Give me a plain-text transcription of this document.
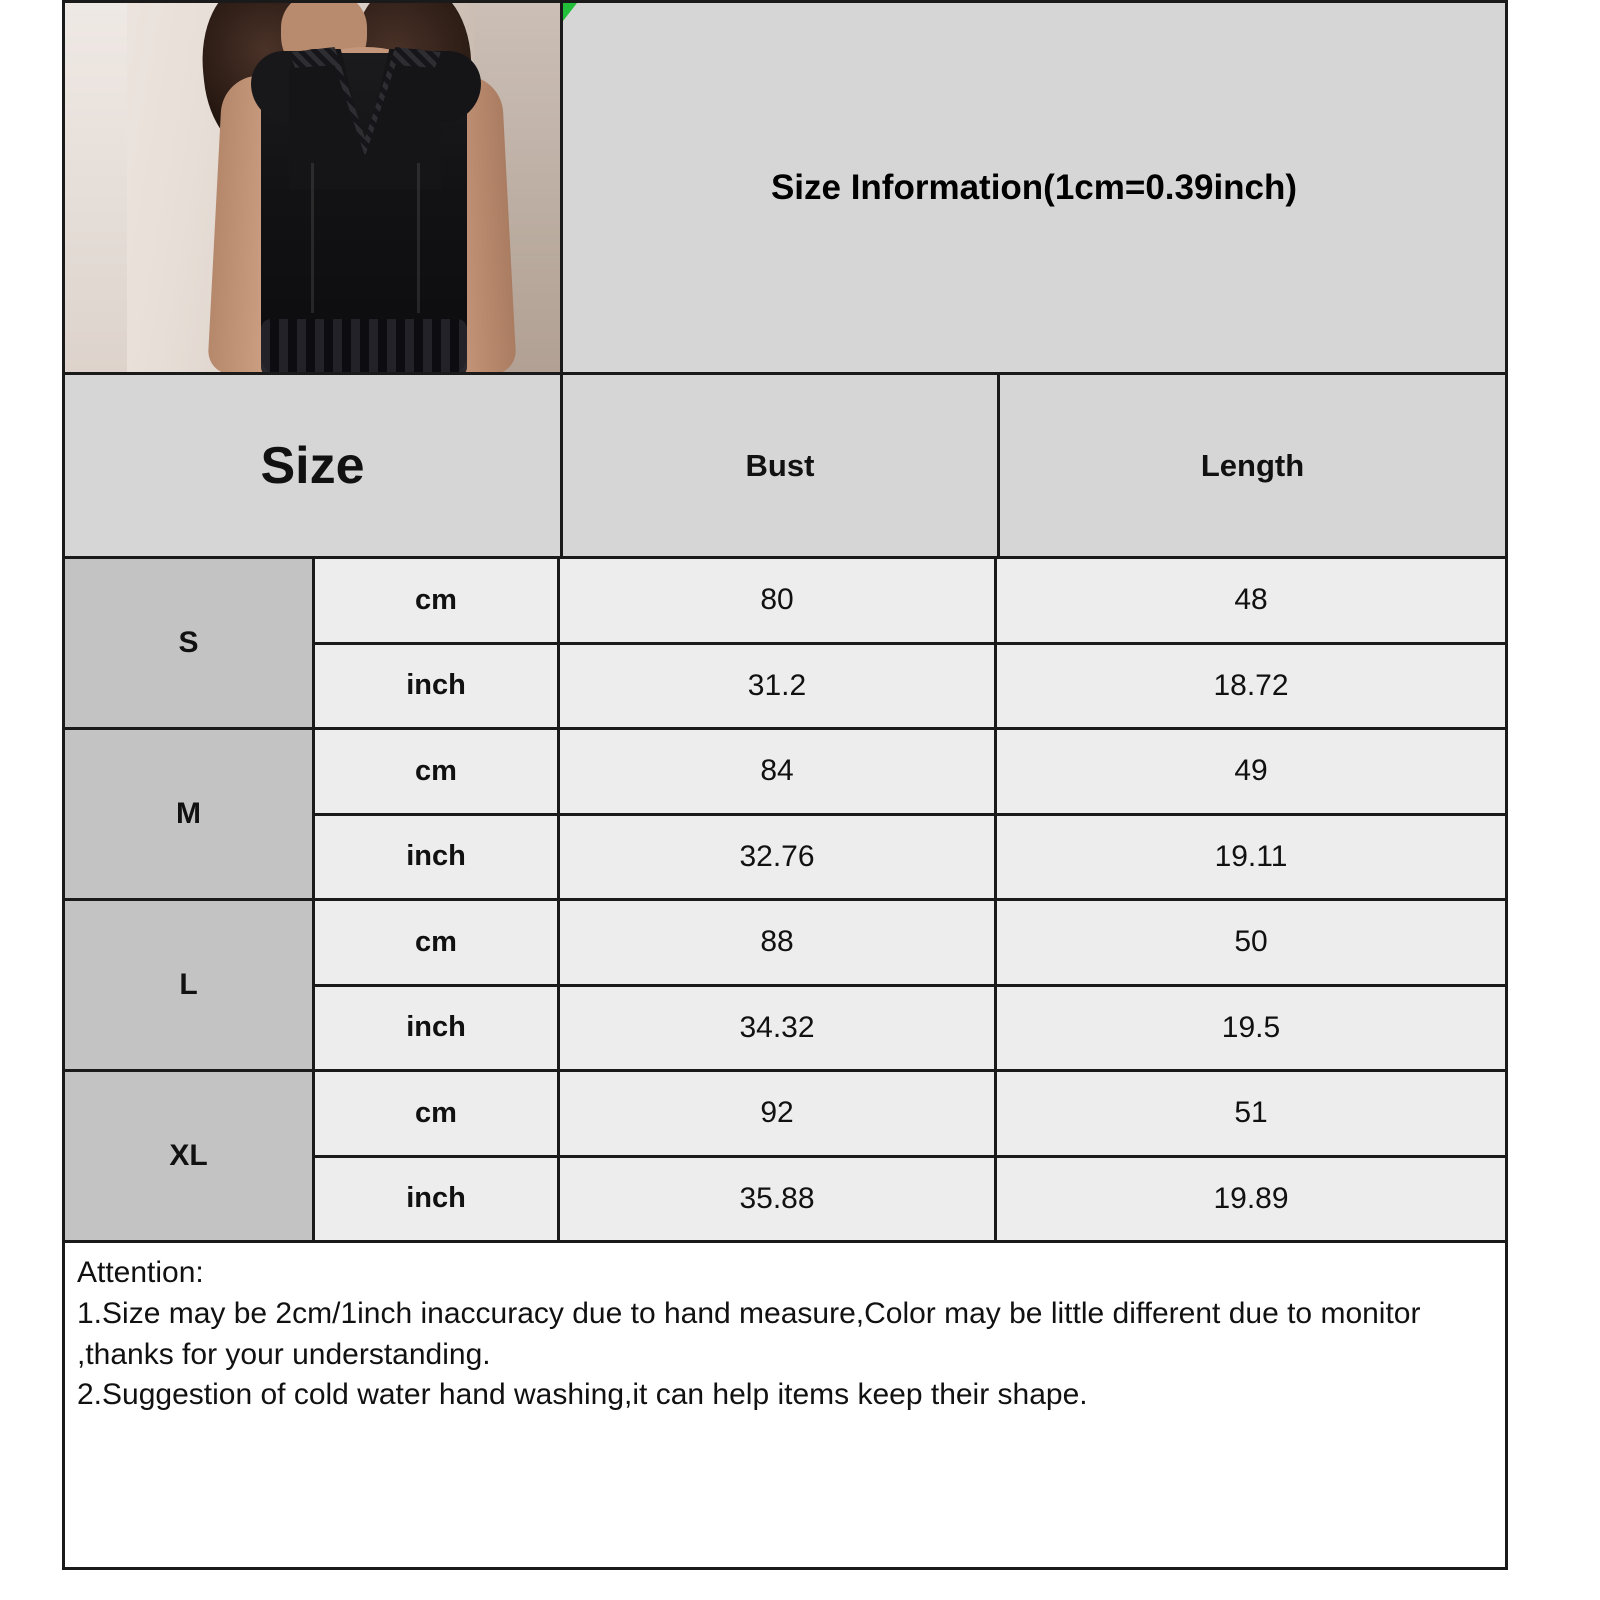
Size Information(1cm=0.39inch)
Size	Bust	Length
S
cm	80	48
inch	31.2	18.72
M
cm	84	49
inch	32.76	19.11
L
cm	88	50
inch	34.32	19.5
XL
cm	92	51
inch	35.88	19.89

Attention:

1.Size may be 2cm/1inch inaccuracy due to hand measure,Color may be little different due to monitor ,thanks for your understanding.

2.Suggestion of cold water hand washing,it can help items keep their shape.
